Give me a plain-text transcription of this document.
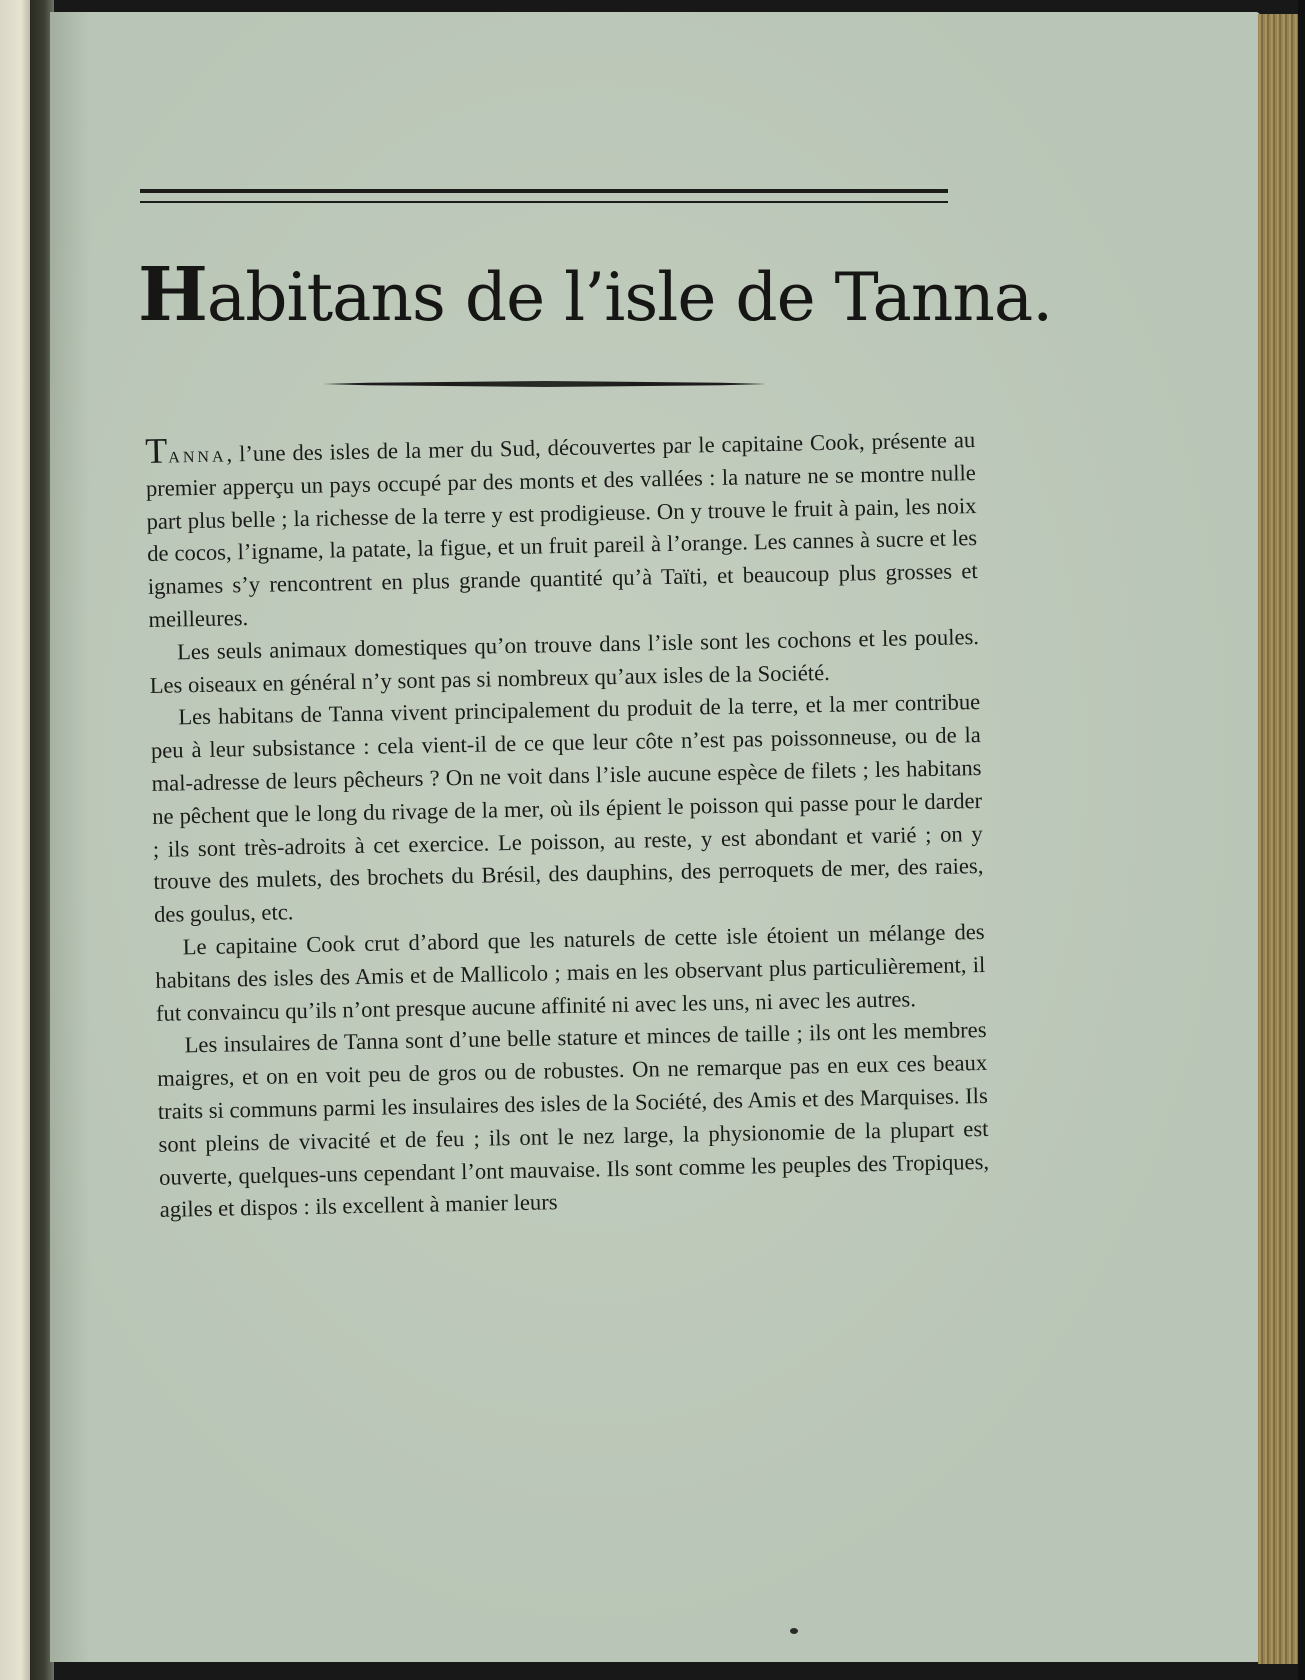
Habitans de l’isle de Tanna.

Tanna, l’une des isles de la mer du Sud, découvertes par le capitaine Cook, présente au premier apperçu un pays occupé par des monts et des vallées : la nature ne se montre nulle part plus belle ; la richesse de la terre y est prodigieuse. On y trouve le fruit à pain, les noix de cocos, l’igname, la patate, la figue, et un fruit pareil à l’orange. Les cannes à sucre et les ignames s’y rencontrent en plus grande quantité qu’à Taïti, et beaucoup plus grosses et meilleures.

Les seuls animaux domestiques qu’on trouve dans l’isle sont les cochons et les poules. Les oiseaux en général n’y sont pas si nombreux qu’aux isles de la Société.

Les habitans de Tanna vivent principalement du produit de la terre, et la mer contribue peu à leur subsistance : cela vient-il de ce que leur côte n’est pas poissonneuse, ou de la mal-adresse de leurs pêcheurs ? On ne voit dans l’isle aucune espèce de filets ; les habitans ne pêchent que le long du rivage de la mer, où ils épient le poisson qui passe pour le darder ; ils sont très-adroits à cet exercice. Le poisson, au reste, y est abondant et varié ; on y trouve des mulets, des brochets du Brésil, des dauphins, des perroquets de mer, des raies, des goulus, etc.

Le capitaine Cook crut d’abord que les naturels de cette isle étoient un mélange des habitans des isles des Amis et de Mallicolo ; mais en les observant plus particulièrement, il fut convaincu qu’ils n’ont presque aucune affinité ni avec les uns, ni avec les autres.

Les insulaires de Tanna sont d’une belle stature et minces de taille ; ils ont les membres maigres, et on en voit peu de gros ou de robustes. On ne remarque pas en eux ces beaux traits si communs parmi les insulaires des isles de la Société, des Amis et des Marquises. Ils sont pleins de vivacité et de feu ; ils ont le nez large, la physionomie de la plupart est ouverte, quelques-uns cependant l’ont mauvaise. Ils sont comme les peuples des Tropiques, agiles et dispos : ils excellent à manier leurs
